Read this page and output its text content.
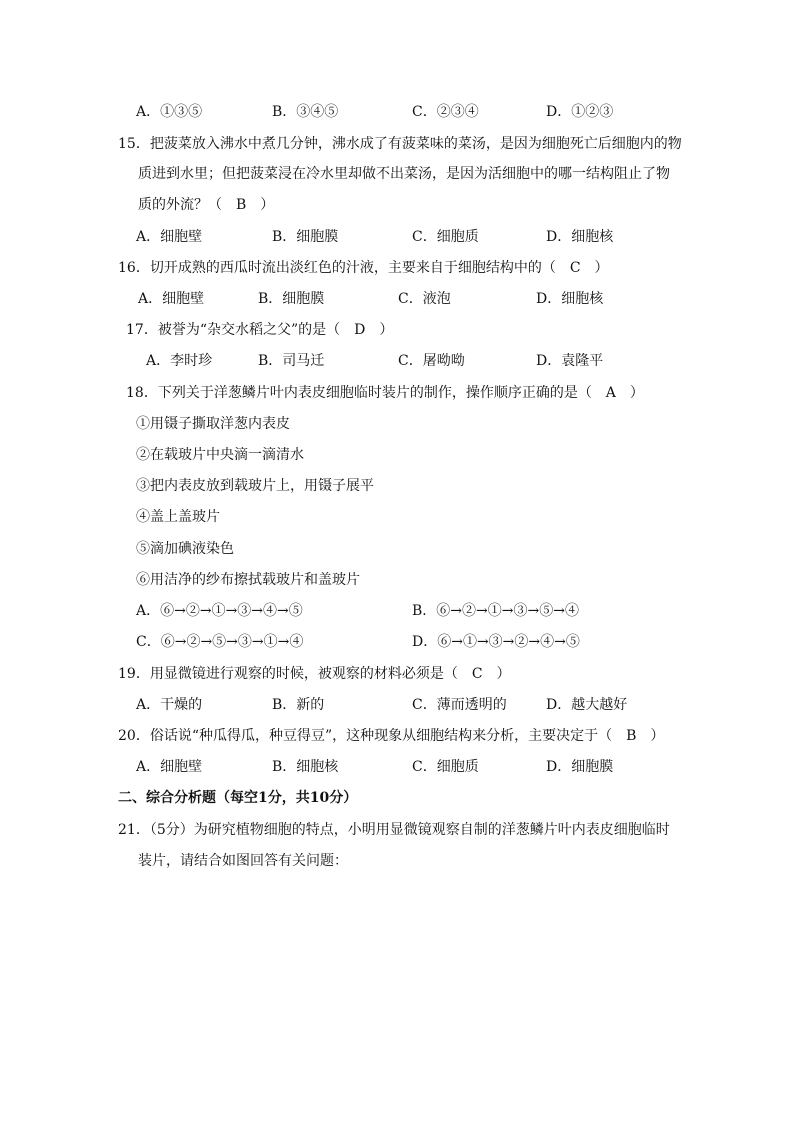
A．①③⑤	B．③④⑤	C．②③④	D．①②③
15．把菠菜放入沸水中煮几分钟，沸水成了有菠菜味的菜汤，是因为细胞死亡后细胞内的物
质进到水里；但把菠菜浸在冷水里却做不出菜汤，是因为活细胞中的哪一结构阻止了物
质的外流？（　B　）
A．细胞壁	B．细胞膜	C．细胞质	D．细胞核
16．切开成熟的西瓜时流出淡红色的汁液，主要来自于细胞结构中的（　C　）
A．细胞壁	B．细胞膜	C．液泡	D．细胞核
17．被誉为“杂交水稻之父”的是（　D　）
A．李时珍	B．司马迁	C．屠呦呦	D．袁隆平
18．下列关于洋葱鳞片叶内表皮细胞临时装片的制作，操作顺序正确的是（　A　）
①用镊子撕取洋葱内表皮
②在载玻片中央滴一滴清水
③把内表皮放到载玻片上，用镊子展平
④盖上盖玻片
⑤滴加碘液染色
⑥用洁净的纱布擦拭载玻片和盖玻片
A．⑥→②→①→③→④→⑤	B．⑥→②→①→③→⑤→④
C．⑥→②→⑤→③→①→④	D．⑥→①→③→②→④→⑤
19．用显微镜进行观察的时候，被观察的材料必须是（　C　）
A．干燥的	B．新的	C．薄而透明的	D．越大越好
20．俗话说“种瓜得瓜，种豆得豆”，这种现象从细胞结构来分析，主要决定于（　B　）
A．细胞壁	B．细胞核	C．细胞质	D．细胞膜
二、综合分析题（每空1分，共10分）
21．（5分）为研究植物细胞的特点，小明用显微镜观察自制的洋葱鳞片叶内表皮细胞临时
装片，请结合如图回答有关问题：
